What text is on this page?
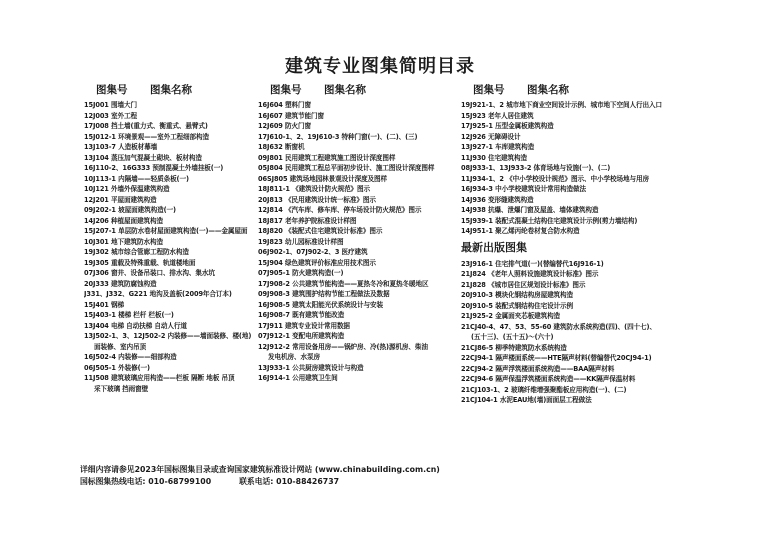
建筑专业图集简明目录
图集号 图集名称
15J001 围墙大门
12J003 室外工程
17J008 挡土墙(重力式、衡重式、悬臂式)
15J012-1 环境景观——室外工程细部构造
13J103-7 人造板材幕墙
13J104 蒸压加气混凝土砌块、板材构造
16J110-2、16G333 预制混凝土外墙挂板(一)
10J113-1 内隔墙——轻质条板(一)
10J121 外墙外保温建筑构造
12J201 平屋面建筑构造
09J202-1 坡屋面建筑构造(一)
14J206 种植屋面建筑构造
15J207-1 单层防水卷材屋面建筑构造(一)——金属屋面
10J301 地下建筑防水构造
19J302 城市综合管廊工程防水构造
19J305 重载及特殊重载、轨道楼地面
07J306 窗井、设备吊装口、排水沟、集水坑
20J333 建筑防腐蚀构造
J331、J332、G221 地沟及盖板(2009年合订本)
15J401 钢梯
15J403-1 楼梯 栏杆 栏板(一)
13J404 电梯 自动扶梯 自动人行道
13J502-1、3、12J502-2 内装修——墙面装修、楼(地)
面装修、室内吊顶
16J502-4 内装修——细部构造
06J505-1 外装修(一)
11J508 建筑玻璃应用构造——栏板 隔断 地板 吊顶
采下玻璃 挡雨窗壁
图集号 图集名称
16J604 塑料门窗
16J607 建筑节能门窗
12J609 防火门窗
17J610-1、2、19J610-3 特种门窗(一)、(二)、(三)
18J632 断窗机
09J801 民用建筑工程建筑施工图设计深度图样
05J804 民用建筑工程总平面初步设计、施工图设计深度图样
06SJ805 建筑场地园林景观设计深度及图样
18J811-1 《建筑设计防火规范》图示
20J813 《民用建筑设计统一标准》图示
12J814 《汽车库、修车库、停车场设计防火规范》图示
18J817 老年养护院标准设计样图
18J820 《装配式住宅建筑设计标准》图示
19J823 幼儿园标准设计样图
06J902-1、07J902-2、3 医疗建筑
15J904 绿色建筑评价标准应用技术图示
07J905-1 防火建筑构造(一)
17J908-2 公共建筑节能构造——夏热冬冷和夏热冬暖地区
09J908-3 建筑围护结构节能工程做法及数据
16J908-5 建筑太阳能光伏系统设计与安装
16J908-7 既有建筑节能改造
17J911 建筑专业设计常用数据
07J912-1 变配电所建筑构造
12J912-2 常用设备用房——锅炉房、冷(热)源机房、柴油
发电机房、水泵房
13J933-1 公共厨房建筑设计与构造
16J914-1 公用建筑卫生间
图集号 图集名称
19J921-1、2 城市地下商业空间设计示例、城市地下空间人行出入口
15J923 老年人居住建筑
17J925-1 压型金属板建筑构造
12J926 无障碍设计
13J927-1 车库建筑构造
11J930 住宅建筑构造
08J933-1、13J933-2 体育场地与设施(一)、(二)
11J934-1、2 《中小学校设计规范》图示、中小学校场地与用房
16J934-3 中小学校建筑设计常用构造做法
14J936 变形缝建筑构造
14J938 抗爆、泄爆门窗及屋盖、墙体建筑构造
15J939-1 装配式混凝土结构住宅建筑设计示例(剪力墙结构)
14J951-1 聚乙烯丙纶卷材复合防水构造
最新出版图集
23J916-1 住宅排气道(一)(替编替代16J916-1)
21J824 《老年人照料设施建筑设计标准》图示
21J828 《城市居住区规划设计标准》图示
20J910-3 模块化钢结构房屋建筑构造
20J910-5 装配式钢结构住宅设计示例
21J925-2 金属面夹芯板建筑构造
21CJ40-4、47、53、55-60 建筑防水系统构造(四)、(四十七)、
(五十三)、(五十五)～(六十)
21CJ86-5 柳季特建筑防水系统构造
22CJ94-1 隔声楼面系统——HTE隔声材料(替编替代20CJ94-1)
22CJ94-2 隔声浮筑楼面系统构造——BAA隔声材料
22CJ94-6 隔声保温浮筑楼面系统构造——KK隔声保温材料
21CJ103-1、2 玻璃纤维增强聚酯板应用构造(一)、(二)
21CJ104-1 水泥EAU地(墙)面面层工程做法
详细内容请参见2023年国标图集目录或查询国家建筑标准设计网站 (www.chinabuilding.com.cn)
国标图集热线电话: 010-68799100	联系电话: 010-88426737
